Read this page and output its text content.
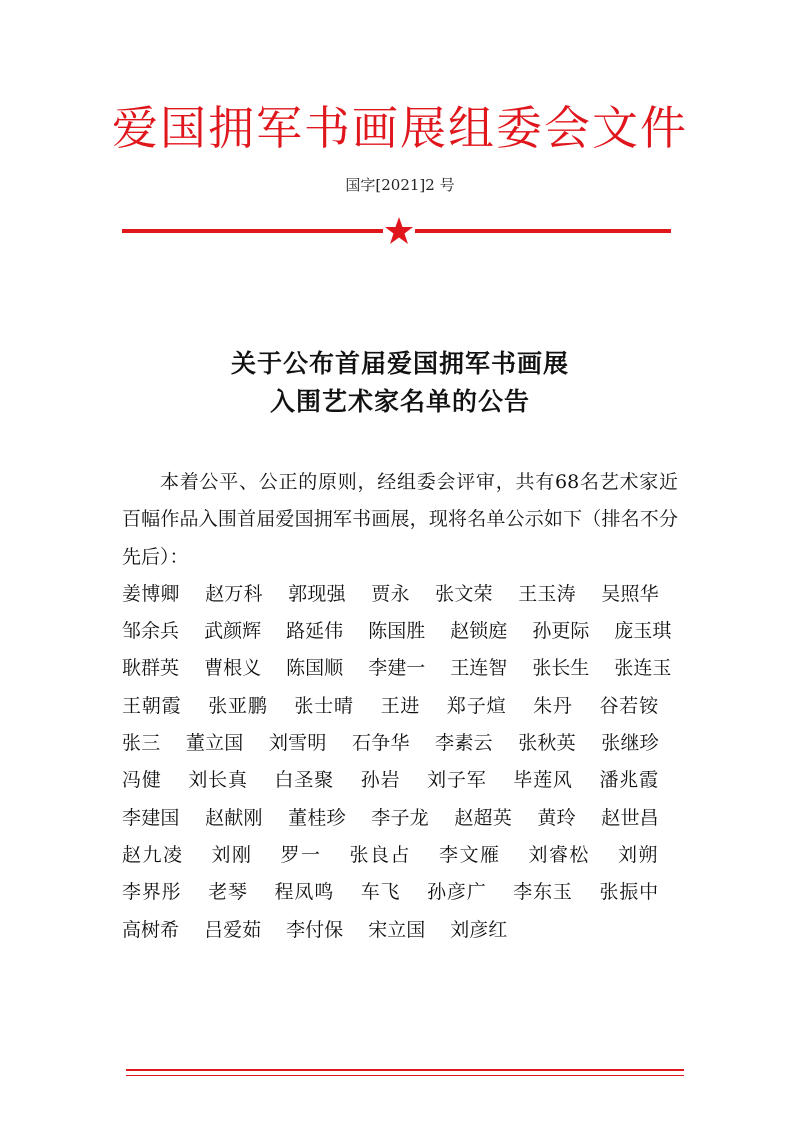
爱国拥军书画展组委会文件
国字[2021]2 号
关于公布首届爱国拥军书画展
入围艺术家名单的公告

本着公平、公正的原则，经组委会评审，共有68名艺术家近百幅作品入围首届爱国拥军书画展，现将名单公示如下（排名不分先后）：

姜博卿　 赵万科　 郭现强　 贾永　 张文荣　 王玉涛　 吴照华　 邹余兵　 武颜辉　 路延伟　 陈国胜　 赵锁庭　 孙更际　 庞玉琪　 耿群英　 曹根义　 陈国顺　 李建一　 王连智　 张长生　 张连玉　 王朝霞　 张亚鹏　 张士晴　 王进　 郑子煊　 朱丹　 谷若铵　 张三　 董立国　 刘雪明　 石争华　 李素云　 张秋英　 张继珍　 冯健　 刘长真　 白圣聚　 孙岩　 刘子军　 毕莲风　 潘兆霞　 李建国　 赵献刚　 董桂珍　 李子龙　 赵超英　 黄玲　 赵世昌　 赵九凌　 刘刚　 罗一　 张良占　 李文雁　 刘睿松　 刘朔　 李界彤　 老琴　 程凤鸣　 车飞　 孙彦广　 李东玉　 张振中　 高树希　 吕爱茹　 李付保　 宋立国　 刘彦红
